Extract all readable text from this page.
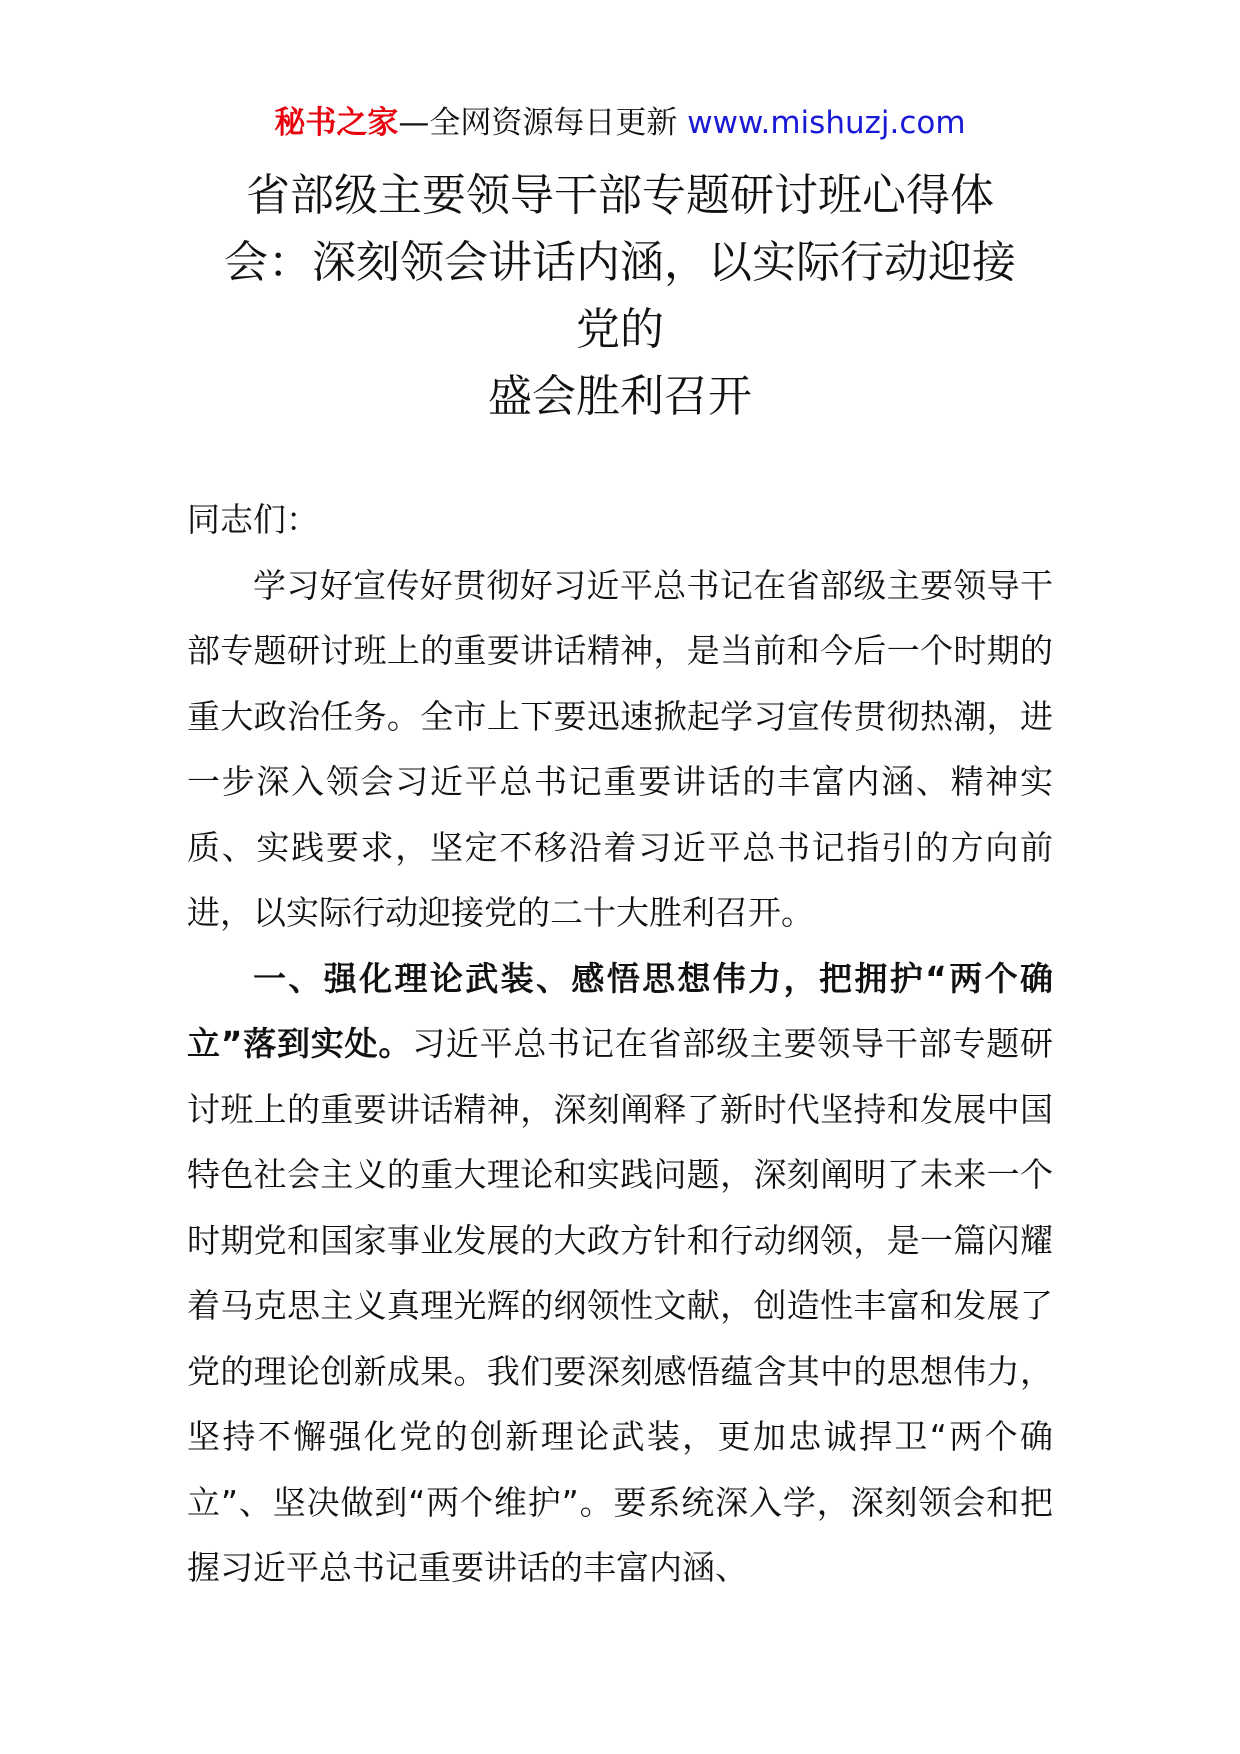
秘书之家—全网资源每日更新 www.mishuzj.com
省部级主要领导干部专题研讨班心得体
会：深刻领会讲话内涵，以实际行动迎接
党的
盛会胜利召开

同志们：

学习好宣传好贯彻好习近平总书记在省部级主要领导干部专题研讨班上的重要讲话精神，是当前和今后一个时期的重大政治任务。全市上下要迅速掀起学习宣传贯彻热潮，进一步深入领会习近平总书记重要讲话的丰富内涵、精神实质、实践要求，坚定不移沿着习近平总书记指引的方向前进，以实际行动迎接党的二十大胜利召开。

一、强化理论武装、感悟思想伟力，把拥护“两个确立”落到实处。习近平总书记在省部级主要领导干部专题研讨班上的重要讲话精神，深刻阐释了新时代坚持和发展中国特色社会主义的重大理论和实践问题，深刻阐明了未来一个时期党和国家事业发展的大政方针和行动纲领，是一篇闪耀着马克思主义真理光辉的纲领性文献，创造性丰富和发展了党的理论创新成果。我们要深刻感悟蕴含其中的思想伟力，坚持不懈强化党的创新理论武装，更加忠诚捍卫“两个确立”、坚决做到“两个维护”。要系统深入学，深刻领会和把握习近平总书记重要讲话的丰富内涵、
